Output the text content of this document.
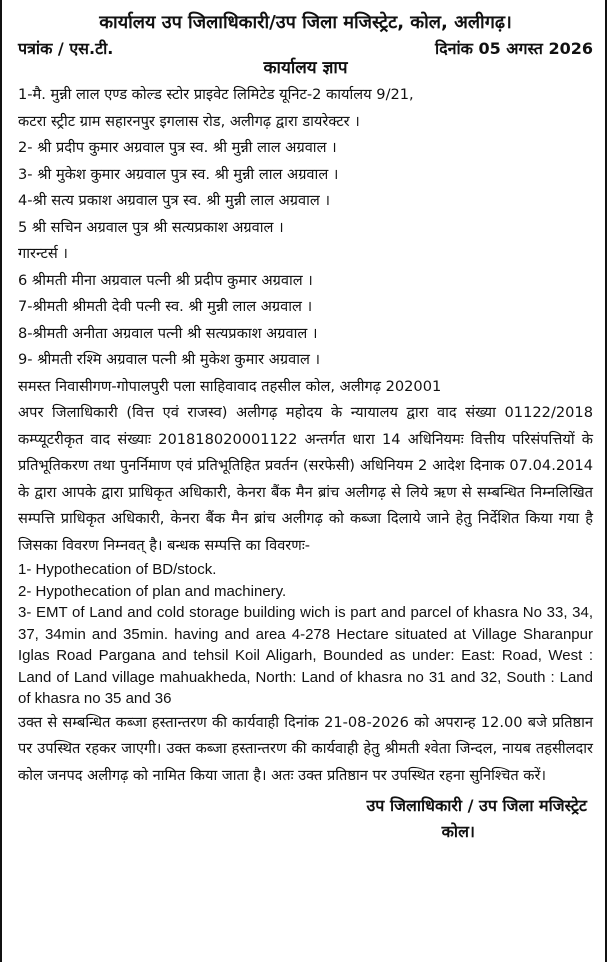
कार्यालय उप जिलाधिकारी/उप जिला मजिस्ट्रेट, कोल, अलीगढ़।

पत्रांक / एस.टी.	दिनांक 05 अगस्त 2026
कार्यालय ज्ञाप

1-मै. मुन्नी लाल एण्ड कोल्ड स्टोर प्राइवेट लिमिटेड यूनिट-2 कार्यालय 9/21,

कटरा स्ट्रीट ग्राम सहारनपुर इगलास रोड, अलीगढ़ द्वारा डायरेक्टर ।

2- श्री प्रदीप कुमार अग्रवाल पुत्र स्व. श्री मुन्नी लाल अग्रवाल ।

3- श्री मुकेश कुमार अग्रवाल पुत्र स्व. श्री मुन्नी लाल अग्रवाल ।

4-श्री सत्य प्रकाश अग्रवाल पुत्र स्व. श्री मुन्नी लाल अग्रवाल ।

5 श्री सचिन अग्रवाल पुत्र श्री सत्यप्रकाश अग्रवाल ।

गारन्टर्स ।

6 श्रीमती मीना अग्रवाल पत्नी श्री प्रदीप कुमार अग्रवाल ।

7-श्रीमती श्रीमती देवी पत्नी स्व. श्री मुन्नी लाल अग्रवाल ।

8-श्रीमती अनीता अग्रवाल पत्नी श्री सत्यप्रकाश अग्रवाल ।

9- श्रीमती रश्मि अग्रवाल पत्नी श्री मुकेश कुमार अग्रवाल ।

समस्त निवासीगण-गोपालपुरी पला साहिवावाद तहसील कोल, अलीगढ़ 202001

अपर जिलाधिकारी (वित्त एवं राजस्व) अलीगढ़ महोदय के न्यायालय द्वारा वाद संख्या 01122/2018 कम्प्यूटरीकृत वाद संख्याः 201818020001122 अन्तर्गत धारा 14 अधिनियमः वित्तीय परिसंपत्तियों के प्रतिभूतिकरण तथा पुनर्निमाण एवं प्रतिभूतिहित प्रवर्तन (सरफेसी) अधिनियम 2 आदेश दिनाक 07.04.2014 के द्वारा आपके द्वारा प्राधिकृत अधिकारी, केनरा बैंक मैन ब्रांच अलीगढ़ से लिये ऋण से सम्बन्धित निम्नलिखित सम्पत्ति प्राधिकृत अधिकारी, केनरा बैंक मैन ब्रांच अलीगढ़ को कब्जा दिलाये जाने हेतु निर्देशित किया गया है जिसका विवरण निम्नवत् है। बन्धक सम्पत्ति का विवरणः-

1- Hypothecation of BD/stock.

2- Hypothecation of plan and machinery.

3- EMT of Land and cold storage building wich is part and parcel of khasra No 33, 34, 37, 34min and 35min. having and area 4-278 Hectare situated at Village Sharanpur Iglas Road Pargana and tehsil Koil Aligarh, Bounded as under: East: Road, West : Land of Land village mahuakheda, North: Land of khasra no 31 and 32, South : Land of khasra no 35 and 36

उक्त से सम्बन्धित कब्जा हस्तान्तरण की कार्यवाही दिनांक 21-08-2026 को अपरान्ह 12.00 बजे प्रतिष्ठान पर उपस्थित रहकर जाएगी। उक्त कब्जा हस्तान्तरण की कार्यवाही हेतु श्रीमती श्वेता जिन्दल, नायब तहसीलदार कोल जनपद अलीगढ़ को नामित किया जाता है। अतः उक्त प्रतिष्ठान पर उपस्थित रहना सुनिश्चित करें।

उप जिलाधिकारी / उप जिला मजिस्ट्रेट
कोल।
